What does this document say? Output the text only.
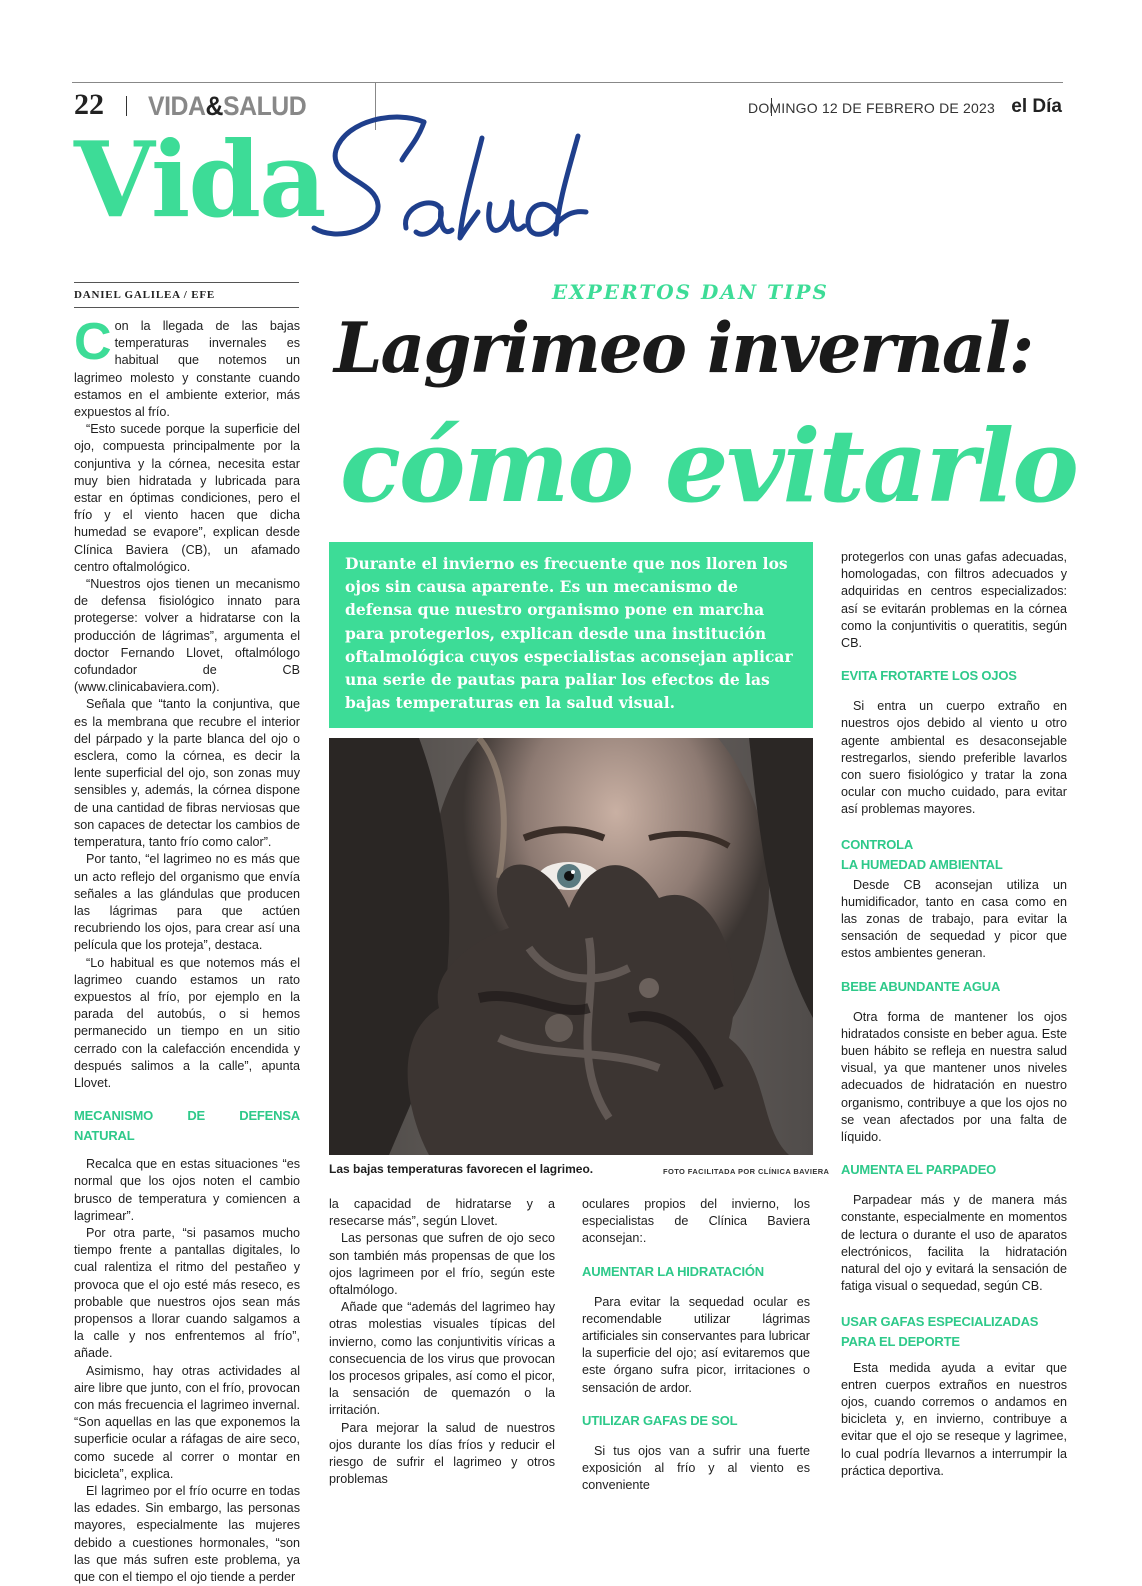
22 VIDA&SALUD	DOMINGO 12 DE FEBRERO DE 2023 el Día
Vida
DANIEL GALILEA / EFE	EXPERTOS DAN TIPS
Lagrimeo invernal:
cómo evitarlo

Durante el invierno es frecuente que nos lloren los ojos sin causa aparente. Es un mecanismo de defensa que nuestro organismo pone en marcha para protegerlos, explican desde una institución oftalmológica cuyos especialistas aconsejan aplicar una serie de pautas para paliar los efectos de las bajas temperaturas en la salud visual.

Las bajas temperaturas favorecen el lagrimeo.	FOTO FACILITADA POR CLÍNICA BAVIERA

Con la llegada de las bajas temperaturas invernales es habitual que notemos un lagrimeo molesto y constante cuando estamos en el ambiente exterior, más expuestos al frío.

“Esto sucede porque la superficie del ojo, compuesta principalmente por la conjuntiva y la córnea, necesita estar muy bien hidratada y lubricada para estar en óptimas condiciones, pero el frío y el viento hacen que dicha humedad se evapore”, explican desde Clínica Baviera (CB), un afamado centro oftalmológico.

“Nuestros ojos tienen un mecanismo de defensa fisiológico innato para protegerse: volver a hidratarse con la producción de lágrimas”, argumenta el doctor Fernando Llovet, oftalmólogo cofundador de CB (www.clinicabaviera.com).

Señala que “tanto la conjuntiva, que es la membrana que recubre el interior del párpado y la parte blanca del ojo o esclera, como la córnea, es decir la lente superficial del ojo, son zonas muy sensibles y, además, la córnea dispone de una cantidad de fibras nerviosas que son capaces de detectar los cambios de temperatura, tanto frío como calor”.

Por tanto, “el lagrimeo no es más que un acto reflejo del organismo que envía señales a las glándulas que producen las lágrimas para que actúen recubriendo los ojos, para crear así una película que los proteja”, destaca.

“Lo habitual es que notemos más el lagrimeo cuando estamos un rato expuestos al frío, por ejemplo en la parada del autobús, o si hemos permanecido un tiempo en un sitio cerrado con la calefacción encendida y después salimos a la calle”, apunta Llovet.

MECANISMO DE DEFENSA NATURAL

Recalca que en estas situaciones “es normal que los ojos noten el cambio brusco de temperatura y comiencen a lagrimear”.

Por otra parte, “si pasamos mucho tiempo frente a pantallas digitales, lo cual ralentiza el ritmo del pestañeo y provoca que el ojo esté más reseco, es probable que nuestros ojos sean más propensos a llorar cuando salgamos a la calle y nos enfrentemos al frío”, añade.

Asimismo, hay otras actividades al aire libre que junto, con el frío, provocan con más frecuencia el lagrimeo invernal. “Son aquellas en las que exponemos la superficie ocular a ráfagas de aire seco, como sucede al correr o montar en bicicleta”, explica.

El lagrimeo por el frío ocurre en todas las edades. Sin embargo, las personas mayores, especialmente las mujeres debido a cuestiones hormonales, “son las que más sufren este problema, ya que con el tiempo el ojo tiende a perder

la capacidad de hidratarse y a resecarse más”, según Llovet.

Las personas que sufren de ojo seco son también más propensas de que los ojos lagrimeen por el frío, según este oftalmólogo.

Añade que “además del lagrimeo hay otras molestias visuales típicas del invierno, como las conjuntivitis víricas a consecuencia de los virus que provocan los procesos gripales, así como el picor, la sensación de quemazón o la irritación.

Para mejorar la salud de nuestros ojos durante los días fríos y reducir el riesgo de sufrir el lagrimeo y otros problemas

oculares propios del invierno, los especialistas de Clínica Baviera aconsejan:.

AUMENTAR LA HIDRATACIÓN

Para evitar la sequedad ocular es recomendable utilizar lágrimas artificiales sin conservantes para lubricar la superficie del ojo; así evitaremos que este órgano sufra picor, irritaciones o sensación de ardor.

UTILIZAR GAFAS DE SOL

Si tus ojos van a sufrir una fuerte exposición al frío y al viento es conveniente

protegerlos con unas gafas adecuadas, homologadas, con filtros adecuados y adquiridas en centros especializados: así se evitarán problemas en la córnea como la conjuntivitis o queratitis, según CB.

EVITA FROTARTE LOS OJOS

Si entra un cuerpo extraño en nuestros ojos debido al viento u otro agente ambiental es desaconsejable restregarlos, siendo preferible lavarlos con suero fisiológico y tratar la zona ocular con mucho cuidado, para evitar así problemas mayores.

CONTROLA
LA HUMEDAD AMBIENTAL

Desde CB aconsejan utiliza un humidificador, tanto en casa como en las zonas de trabajo, para evitar la sensación de sequedad y picor que estos ambientes generan.

BEBE ABUNDANTE AGUA

Otra forma de mantener los ojos hidratados consiste en beber agua. Este buen hábito se refleja en nuestra salud visual, ya que mantener unos niveles adecuados de hidratación en nuestro organismo, contribuye a que los ojos no se vean afectados por una falta de líquido.

AUMENTA EL PARPADEO

Parpadear más y de manera más constante, especialmente en momentos de lectura o durante el uso de aparatos electrónicos, facilita la hidratación natural del ojo y evitará la sensación de fatiga visual o sequedad, según CB.

USAR GAFAS ESPECIALIZADAS
PARA EL DEPORTE

Esta medida ayuda a evitar que entren cuerpos extraños en nuestros ojos, cuando corremos o andamos en bicicleta y, en invierno, contribuye a evitar que el ojo se reseque y lagrimee, lo cual podría llevarnos a interrumpir la práctica deportiva.
